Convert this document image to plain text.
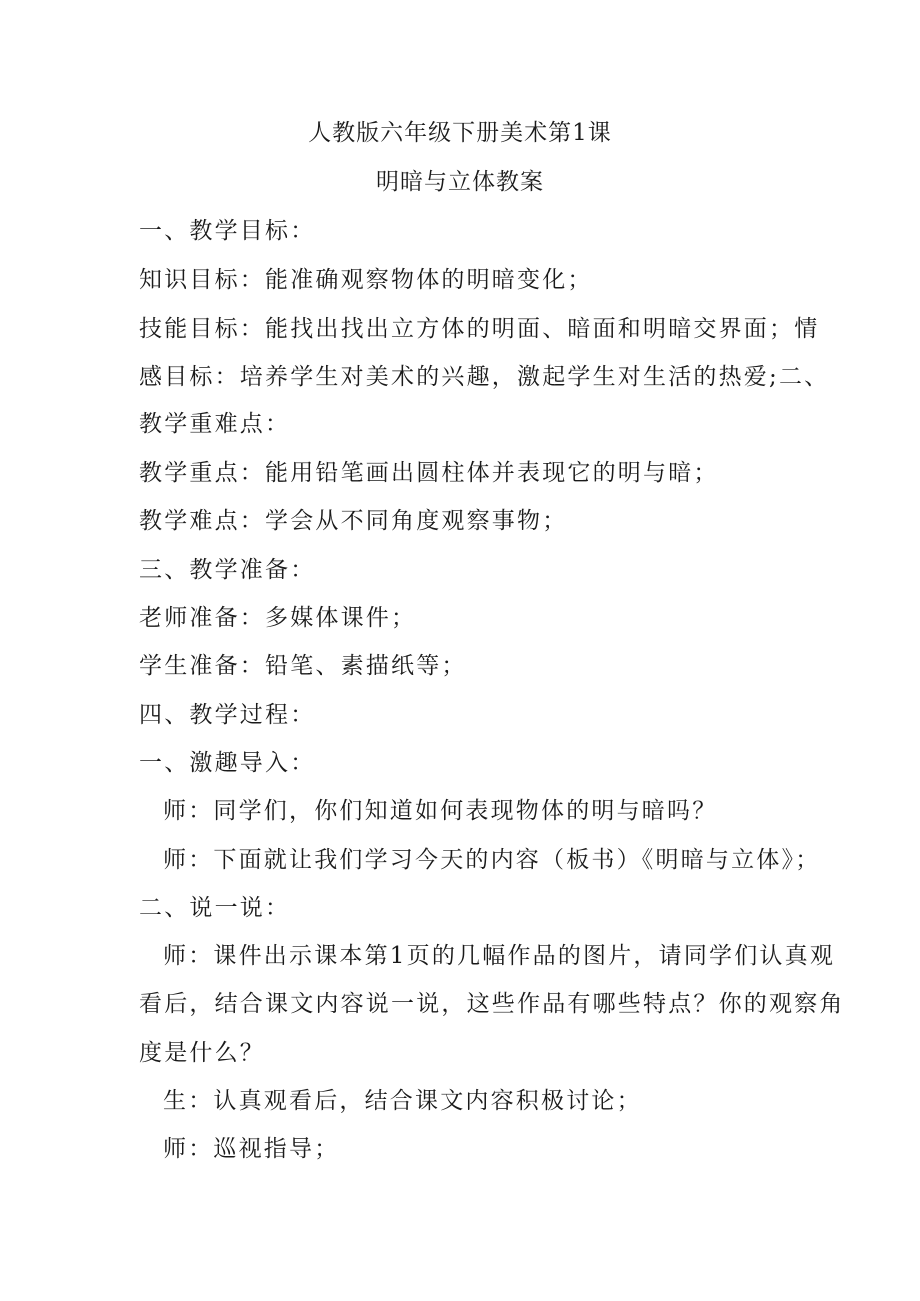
人教版六年级下册美术第1课
明暗与立体教案
一、教学目标：
知识目标：能准确观察物体的明暗变化；
技能目标：能找出找出立方体的明面、暗面和明暗交界面；情
感目标：培养学生对美术的兴趣，激起学生对生活的热爱;二、
教学重难点：
教学重点：能用铅笔画出圆柱体并表现它的明与暗；
教学难点：学会从不同角度观察事物；
三、教学准备：
老师准备：多媒体课件；
学生准备：铅笔、素描纸等；
四、教学过程：
一、激趣导入：
师：同学们，你们知道如何表现物体的明与暗吗？
师：下面就让我们学习今天的内容（板书）《明暗与立体》；
二、说一说：
师：课件出示课本第1页的几幅作品的图片，请同学们认真观
看后，结合课文内容说一说，这些作品有哪些特点？你的观察角
度是什么？
生：认真观看后，结合课文内容积极讨论；
师：巡视指导；
